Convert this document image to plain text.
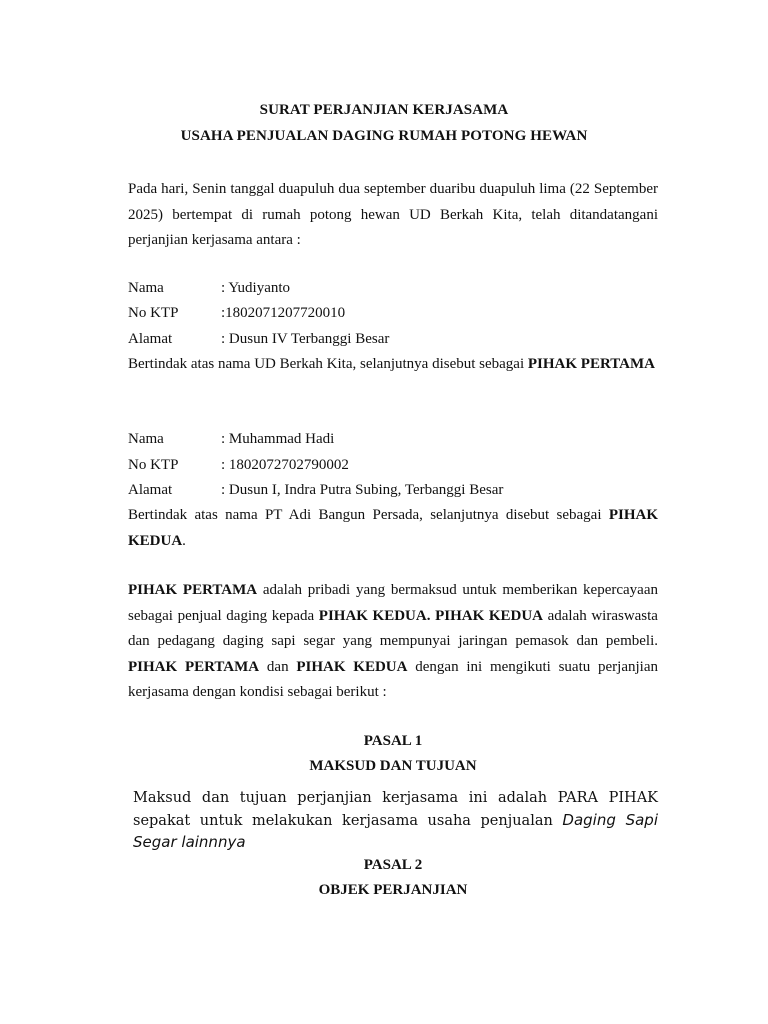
SURAT PERJANJIAN KERJASAMA
USAHA PENJUALAN DAGING RUMAH POTONG HEWAN
Pada hari, Senin tanggal duapuluh dua september duaribu duapuluh lima (22 September 2025) bertempat di rumah potong hewan UD Berkah Kita, telah ditandatangani perjanjian kerjasama antara :
Nama	: Yudiyanto
No KTP	:1802071207720010
Alamat	: Dusun IV Terbanggi Besar
Bertindak atas nama UD Berkah Kita, selanjutnya disebut sebagai PIHAK PERTAMA
Nama	: Muhammad Hadi
No KTP	: 1802072702790002
Alamat	: Dusun I, Indra Putra Subing, Terbanggi Besar
Bertindak atas nama PT Adi Bangun Persada, selanjutnya disebut sebagai PIHAK KEDUA.
PIHAK PERTAMA adalah pribadi yang bermaksud untuk memberikan kepercayaan sebagai penjual daging kepada PIHAK KEDUA. PIHAK KEDUA adalah wiraswasta dan pedagang daging sapi segar yang mempunyai jaringan pemasok dan pembeli. PIHAK PERTAMA dan PIHAK KEDUA dengan ini mengikuti suatu perjanjian kerjasama dengan kondisi sebagai berikut :
PASAL 1
MAKSUD DAN TUJUAN
Maksud dan tujuan perjanjian kerjasama ini adalah PARA PIHAK sepakat untuk melakukan kerjasama usaha penjualan Daging Sapi Segar lainnnya
PASAL 2
OBJEK PERJANJIAN
